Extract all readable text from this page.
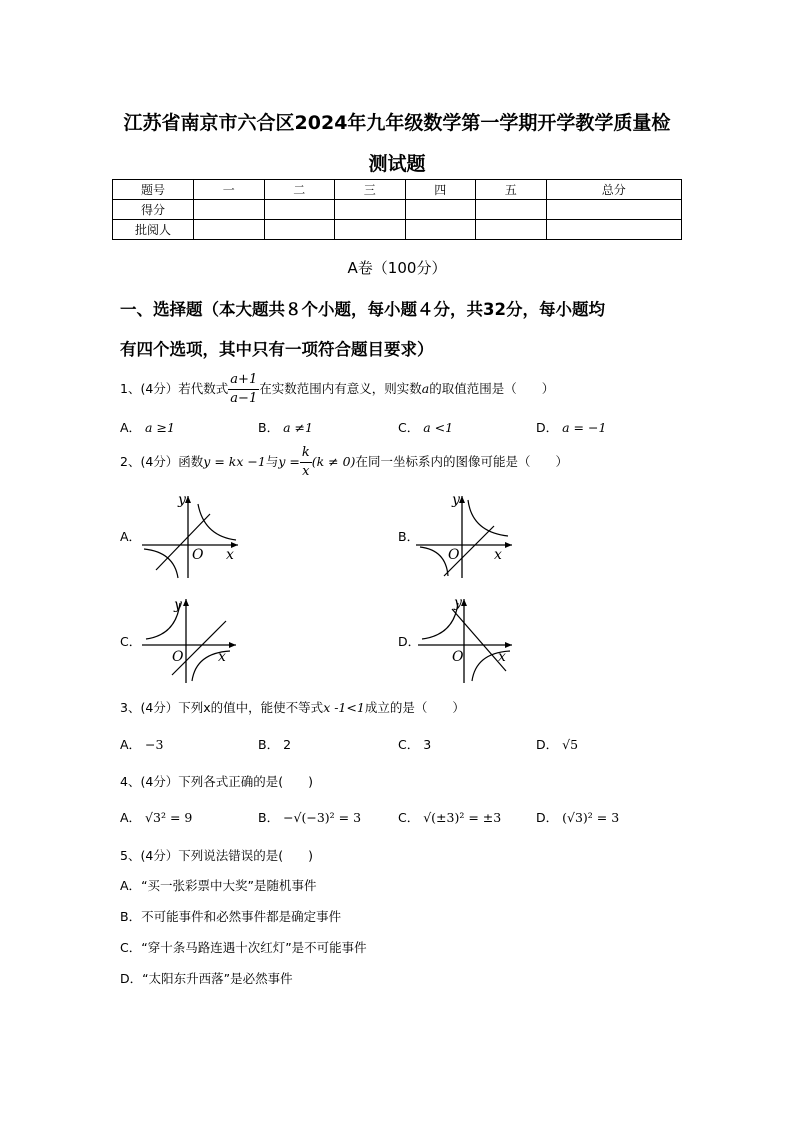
江苏省南京市六合区2024年九年级数学第一学期开学教学质量检
测试题
题号	一	二	三	四	五	总分
得分						
批阅人						
A卷（100分）
一、选择题（本大题共８个小题，每小题４分，共32分，每小题均
有四个选项，其中只有一项符合题目要求）
1、(4分）若代数式 $\frac{a+1}{a-1}$ 在实数范围内有意义，则实数a的取值范围是（　　）
A． a ≥1	B． a ≠1	C． a <1	D． a = −1
2、(4分）函数y = kx −1与$y = \frac{k}{x} (k \ne 0)$在同一坐标系内的图像可能是（　　）
A．
O x
y
B．
O x
y
C．
O x
y
D．
O x
y
3、(4分）下列x的值中，能使不等式x -1<1成立的是（　　）
A． −3	B． 2	C． 3	D． √5
4、(4分）下列各式正确的是(　　)
A． √3² = 9	B． −√(−3)² = 3	C． √(±3)² = ±3	D． (√3)² = 3
5、(4分）下列说法错误的是(　　)
A．“买一张彩票中大奖”是随机事件
B．不可能事件和必然事件都是确定事件
C．“穿十条马路连遇十次红灯”是不可能事件
D．“太阳东升西落”是必然事件
